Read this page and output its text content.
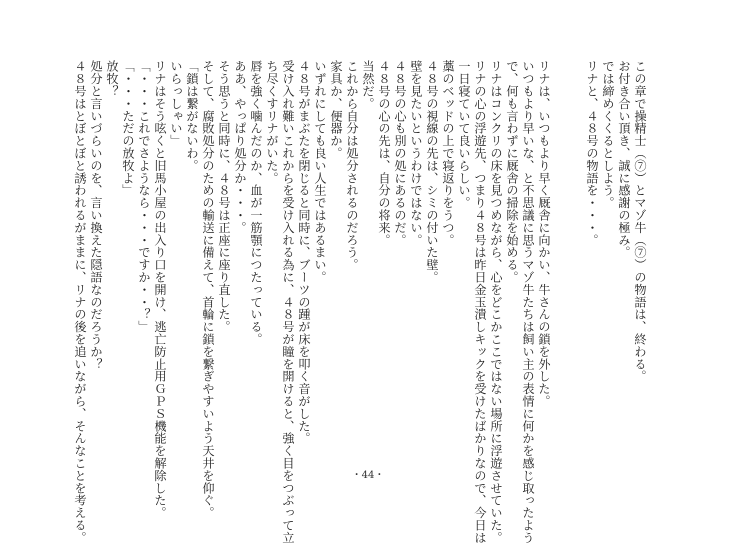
この章で操精士（⑦）とマゾ牛（⑦）の物語は、終わる。
お付き合い頂き、誠に感謝の極み。
では締めくくるとしよう。
リナと、４８号の物語を・・・。

リナは、いつもより早く厩舎に向かい、牛さんの鎖を外した。
いつもより早いな、と不思議に思うマゾ牛たちは飼い主の表情に何かを感じ取ったよう
で、何も言わずに厩舎の掃除を始める。
リナはコンクリの床を見つめながら、心をどこかここではない場所に浮遊させていた。
リナの心の浮遊先、つまり４８号は昨日金玉潰しキックを受けたばかりなので、今日は
一日寝ていて良いらしい。
藁のベッドの上で寝返りをうつ。
４８号の視線の先は、シミの付いた壁。
壁を見たいというわけではない。
４８号の心も別の処にあるのだ。
４８号の心の先は、自分の将来。
当然だ。
これから自分は処分されるのだろう。
家具か、便器か。
いずれにしても良い人生ではあるまい。
４８号がまぶたを閉じると同時に、ブーツの踵が床を叩く音がした。
受け入れ難いこれからを受け入れる為に、４８号が瞳を開けると、強く目をつぶって立
ち尽くすリナがいた。
唇を強く噛んだのか、血が一筋顎につたっている。
ああ、やっぱり処分か・・・。
そう思うと同時に、４８号は正座に座り直した。
そして、腐敗処分のための輸送に備えて、首輪に鎖を繋ぎやすいよう天井を仰ぐ。
「鎖は繋がないわ。
いらっしゃい」
リナはそう呟くと旧馬小屋の出入り口を開け、逃亡防止用ＧＰＳ機能を解除した。
「・・・これでさようなら・・・ですか・・？」
「・・・ただの放牧よ」
放牧？
処分と言いづらいのを、言い換えた隠語なのだろうか？
４８号はとぼとぼと誘われるがままに、リナの後を追いながら、そんなことを考える。	・44・
